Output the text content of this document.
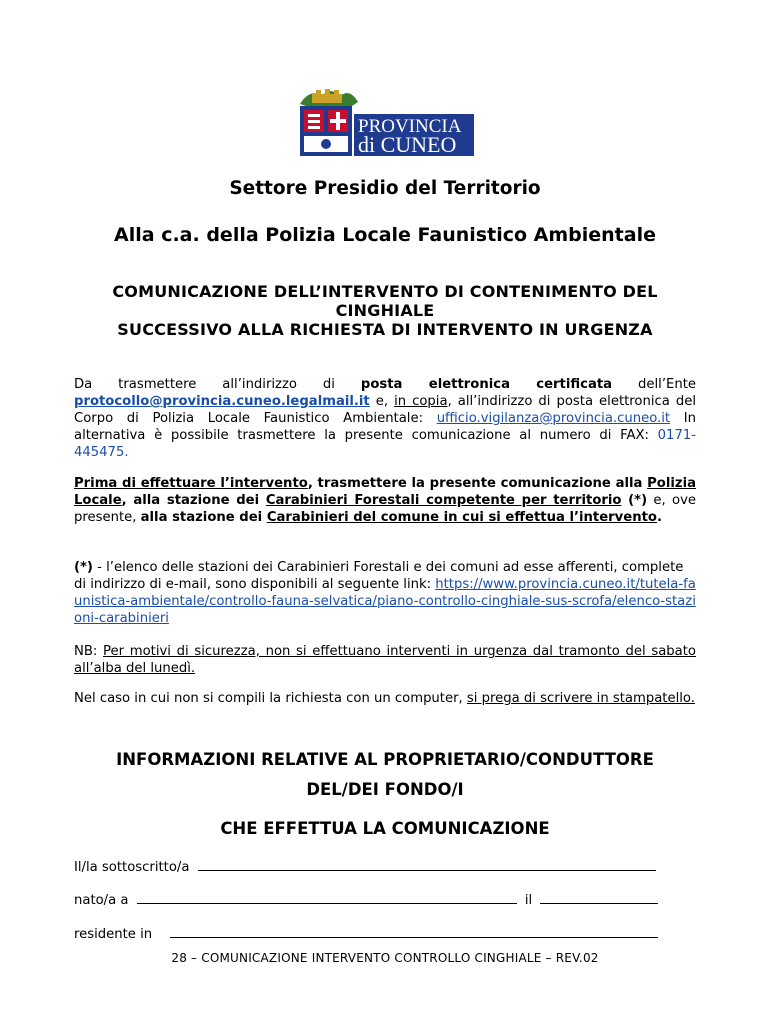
PROVINCIA
di CUNEO
Settore Presidio del Territorio
Alla c.a. della Polizia Locale Faunistico Ambientale
COMUNICAZIONE DELL’INTERVENTO DI CONTENIMENTO DEL
CINGHIALE
SUCCESSIVO ALLA RICHIESTA DI INTERVENTO IN URGENZA
Da trasmettere all’indirizzo di posta elettronica certificata dell’Ente protocollo@provincia.cuneo.legalmail.it e, in copia, all’indirizzo di posta elettronica del Corpo di Polizia Locale Faunistico Ambientale: ufficio.vigilanza@provincia.cuneo.it In alternativa è possibile trasmettere la presente comunicazione al numero di FAX: 0171-445475.
Prima di effettuare l’intervento, trasmettere la presente comunicazione alla Polizia Locale, alla stazione dei Carabinieri Forestali competente per territorio (*) e, ove presente, alla stazione dei Carabinieri del comune in cui si effettua l’intervento.
(*) - l’elenco delle stazioni dei Carabinieri Forestali e dei comuni ad esse afferenti, complete di indirizzo di e-mail, sono disponibili al seguente link: https://www.provincia.cuneo.it/tutela-faunistica-ambientale/controllo-fauna-selvatica/piano-controllo-cinghiale-sus-scrofa/elenco-stazioni-carabinieri
NB: Per motivi di sicurezza, non si effettuano interventi in urgenza dal tramonto del sabato all’alba del lunedì.
Nel caso in cui non si compili la richiesta con un computer, si prega di scrivere in stampatello.
INFORMAZIONI RELATIVE AL PROPRIETARIO/CONDUTTORE
DEL/DEI FONDO/I
CHE EFFETTUA LA COMUNICAZIONE
Il/la sottoscritto/a
nato/a a	il
residente in
28 – COMUNICAZIONE INTERVENTO CONTROLLO CINGHIALE – REV.02
